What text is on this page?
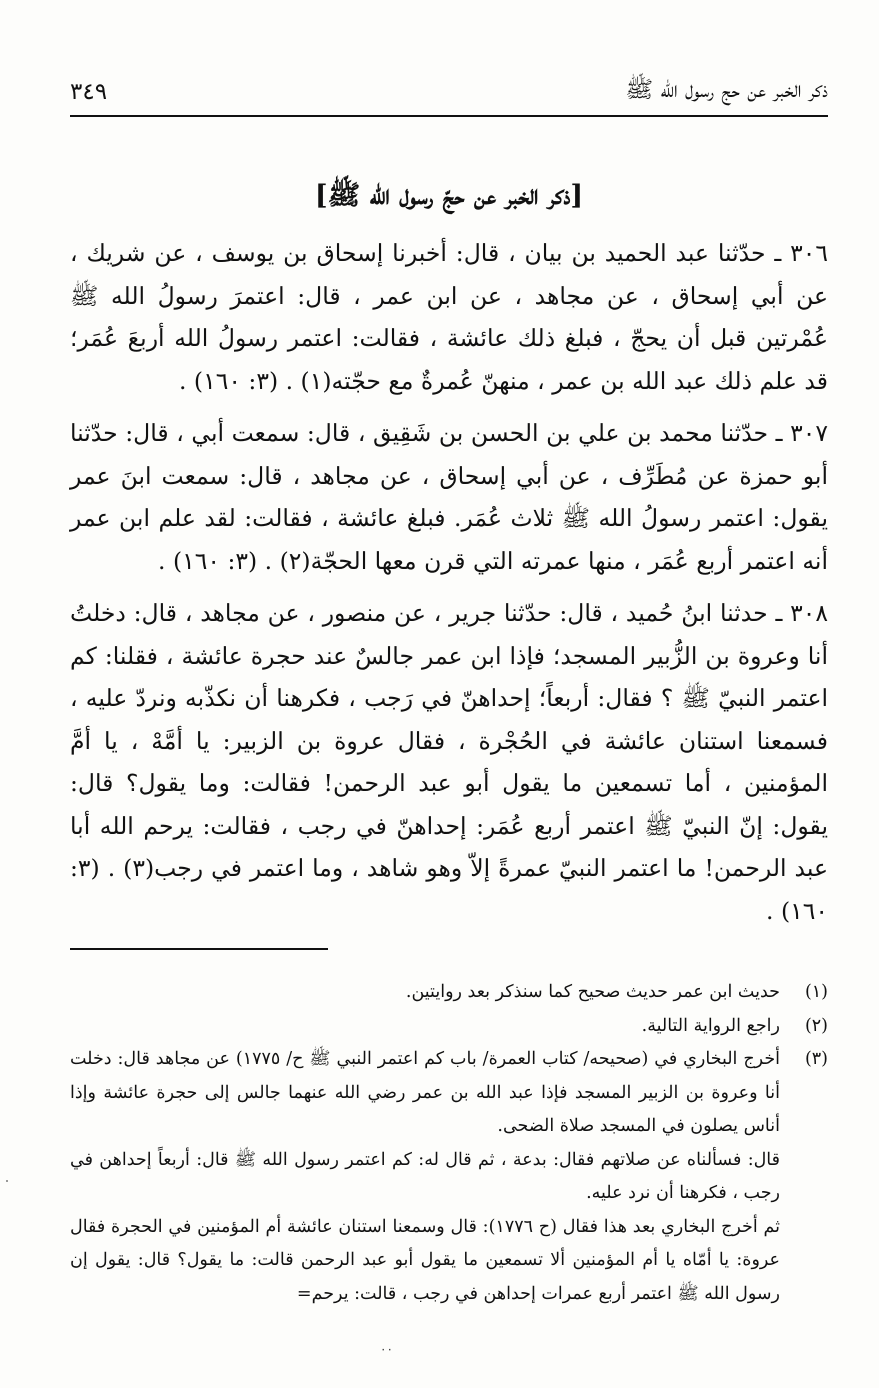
ذكر الخبر عن حج رسول الله ﷺ
٣٤٩
[ذكر الخبر عن حجّ رسول الله ﷺ]

٣٠٦ ـ حدّثنا عبد الحميد بن بيان ، قال: أخبرنا إسحاق بن يوسف ، عن شريك ، عن أبي إسحاق ، عن مجاهد ، عن ابن عمر ، قال: اعتمرَ رسولُ الله ﷺ عُمْرتين قبل أن يحجّ ، فبلغ ذلك عائشة ، فقالت: اعتمر رسولُ الله أربعَ عُمَر؛ قد علم ذلك عبد الله بن عمر ، منهنّ عُمرةٌ مع حجّته(١) . (٣: ١٦٠) .

٣٠٧ ـ حدّثنا محمد بن علي بن الحسن بن شَقِيق ، قال: سمعت أبي ، قال: حدّثنا أبو حمزة عن مُطَرِّف ، عن أبي إسحاق ، عن مجاهد ، قال: سمعت ابنَ عمر يقول: اعتمر رسولُ الله ﷺ ثلاث عُمَر. فبلغ عائشة ، فقالت: لقد علم ابن عمر أنه اعتمر أربع عُمَر ، منها عمرته التي قرن معها الحجّة(٢) . (٣: ١٦٠) .

٣٠٨ ـ حدثنا ابنُ حُميد ، قال: حدّثنا جرير ، عن منصور ، عن مجاهد ، قال: دخلتُ أنا وعروة بن الزُّبير المسجد؛ فإذا ابن عمر جالسٌ عند حجرة عائشة ، فقلنا: كم اعتمر النبيّ ﷺ ؟ فقال: أربعاً؛ إحداهنّ في رَجب ، فكرهنا أن نكذّبه ونردّ عليه ، فسمعنا استنان عائشة في الحُجْرة ، فقال عروة بن الزبير: يا أمَّهْ ، يا أمَّ المؤمنين ، أما تسمعين ما يقول أبو عبد الرحمن! فقالت: وما يقول؟ قال: يقول: إنّ النبيّ ﷺ اعتمر أربع عُمَر: إحداهنّ في رجب ، فقالت: يرحم الله أبا عبد الرحمن! ما اعتمر النبيّ عمرةً إلاّ وهو شاهد ، وما اعتمر في رجب(٣) . (٣: ١٦٠) .

(١)
حديث ابن عمر حديث صحيح كما سنذكر بعد روايتين.
(٢)
راجع الرواية التالية.
(٣)
أخرج البخاري في (صحيحه/ كتاب العمرة/ باب كم اعتمر النبي ﷺ ح/ ١٧٧٥) عن مجاهد قال: دخلت أنا وعروة بن الزبير المسجد فإذا عبد الله بن عمر رضي الله عنهما جالس إلى حجرة عائشة وإذا أناس يصلون في المسجد صلاة الضحى.
قال: فسألناه عن صلاتهم فقال: بدعة ، ثم قال له: كم اعتمر رسول الله ﷺ قال: أربعاً إحداهن في رجب ، فكرهنا أن نرد عليه.
ثم أخرج البخاري بعد هذا فقال (ح ١٧٧٦): قال وسمعنا استنان عائشة أم المؤمنين في الحجرة فقال عروة: يا أمّاه يا أم المؤمنين ألا تسمعين ما يقول أبو عبد الرحمن قالت: ما يقول؟ قال: يقول إن رسول الله ﷺ اعتمر أربع عمرات إحداهن في رجب ، قالت: يرحم=
۰۰
